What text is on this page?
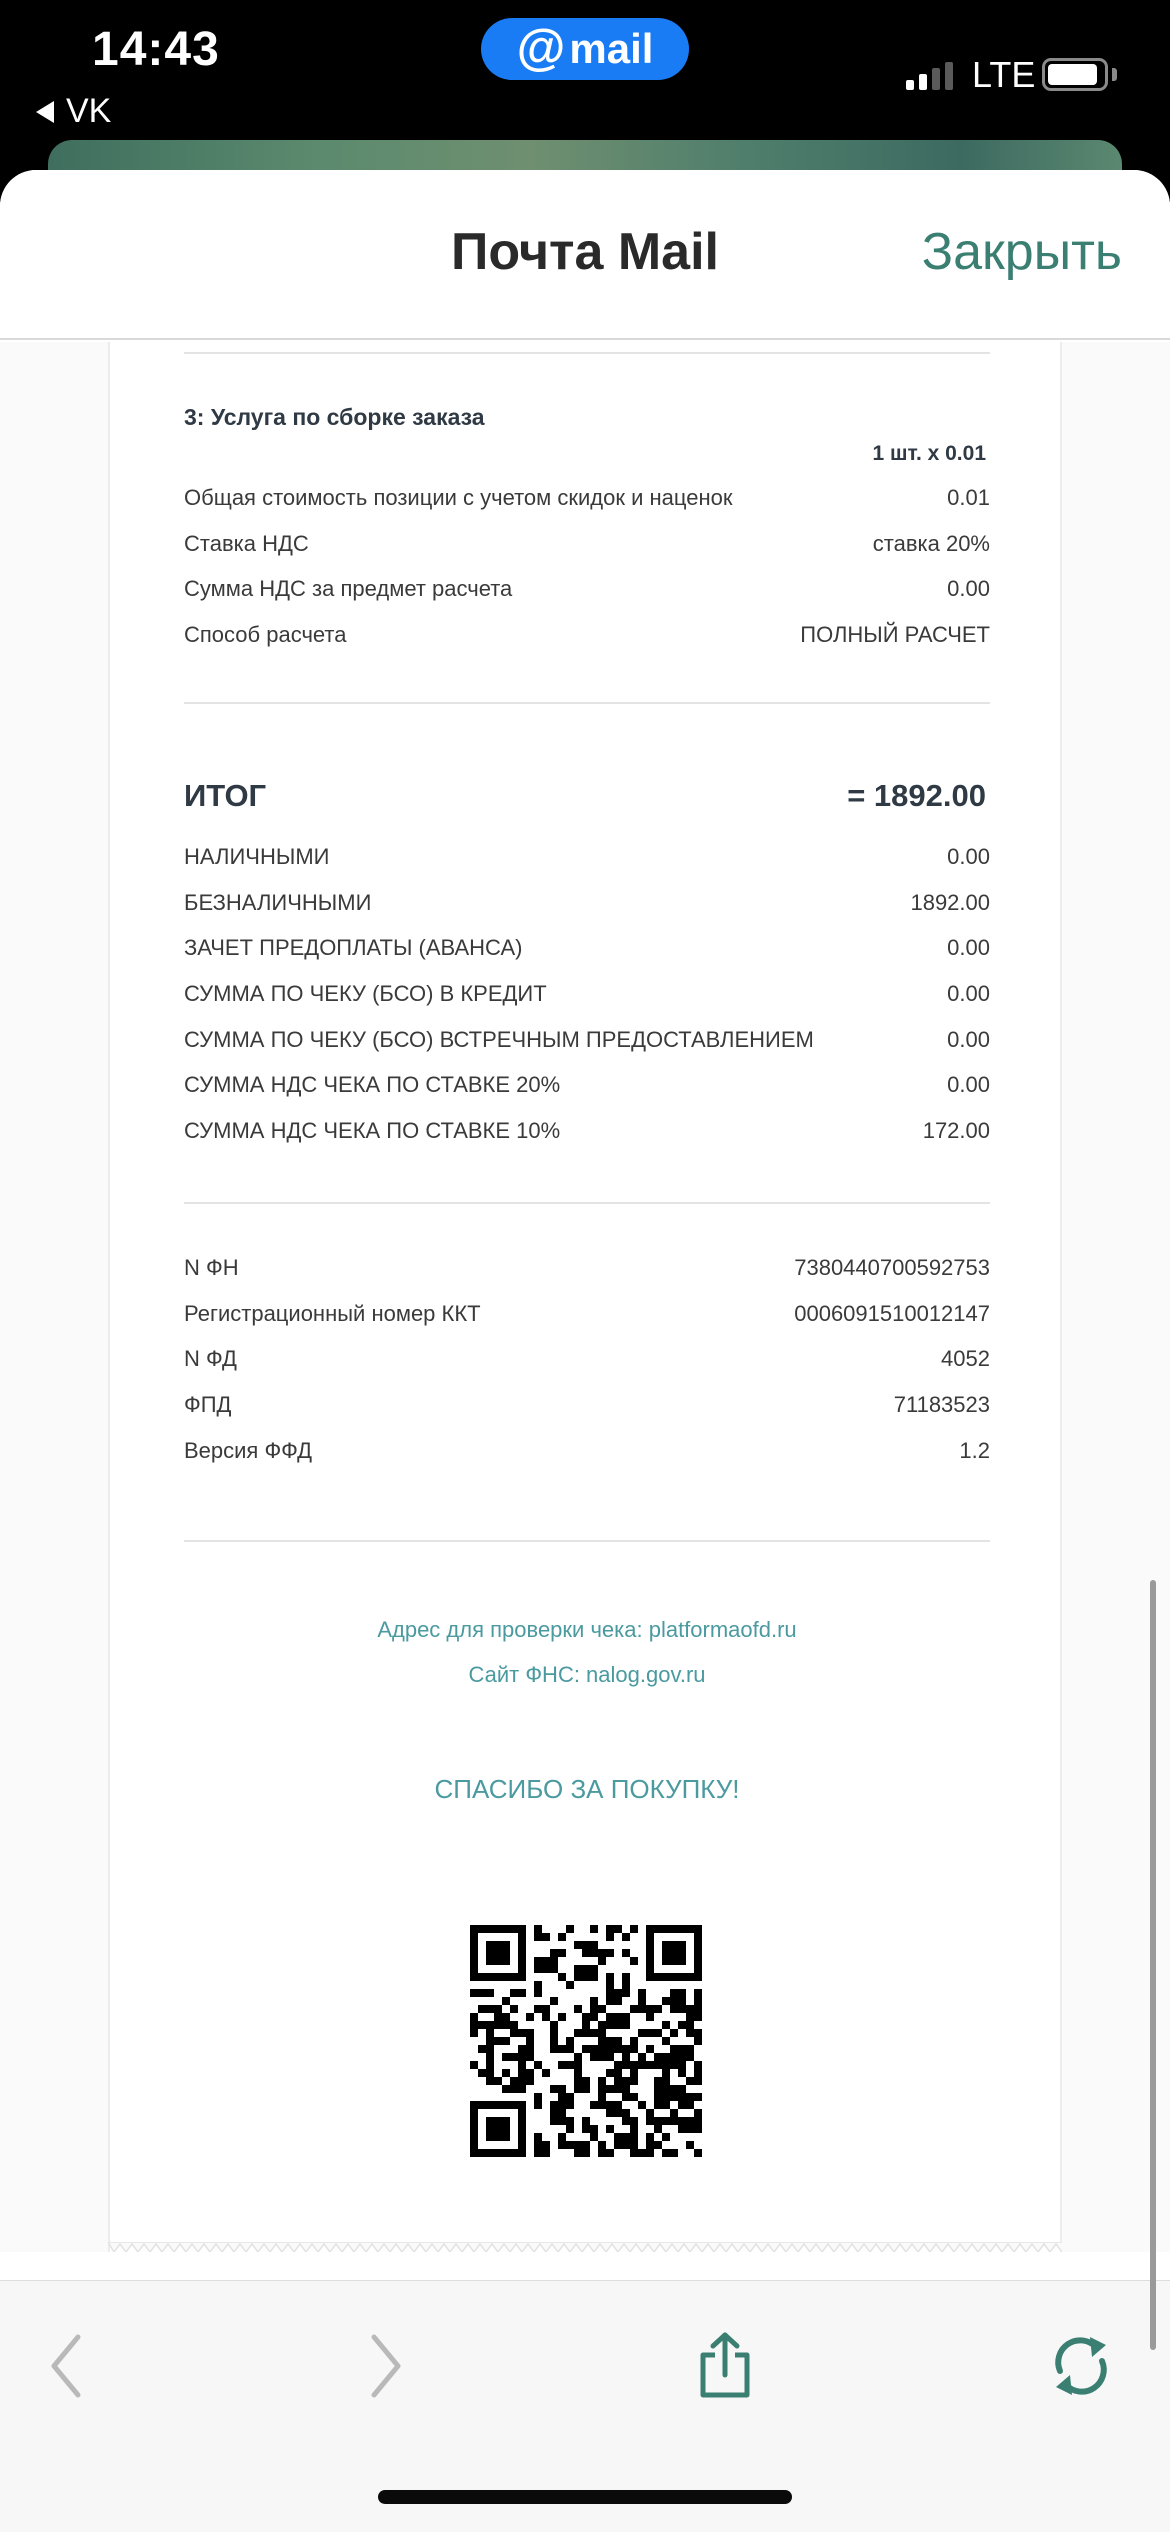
14:43
VK
@ mail
LTE
Почта Mail	Закрыть
3: Услуга по сборке заказа
1 шт. x 0.01
Общая стоимость позиции с учетом скидок и наценок	0.01
Ставка НДС	ставка 20%
Сумма НДС за предмет расчета	0.00
Способ расчета	ПОЛНЫЙ РАСЧЕТ
ИТОГ	= 1892.00
НАЛИЧНЫМИ	0.00
БЕЗНАЛИЧНЫМИ	1892.00
ЗАЧЕТ ПРЕДОПЛАТЫ (АВАНСА)	0.00
СУММА ПО ЧЕКУ (БСО) В КРЕДИТ	0.00
СУММА ПО ЧЕКУ (БСО) ВСТРЕЧНЫМ ПРЕДОСТАВЛЕНИЕМ	0.00
СУММА НДС ЧЕКА ПО СТАВКЕ 20%	0.00
СУММА НДС ЧЕКА ПО СТАВКЕ 10%	172.00
N ФН	7380440700592753
Регистрационный номер ККТ	0006091510012147
N ФД	4052
ФПД	71183523
Версия ФФД	1.2
Адрес для проверки чека: platformaofd.ru
Сайт ФНС: nalog.gov.ru
СПАСИБО ЗА ПОКУПКУ!
